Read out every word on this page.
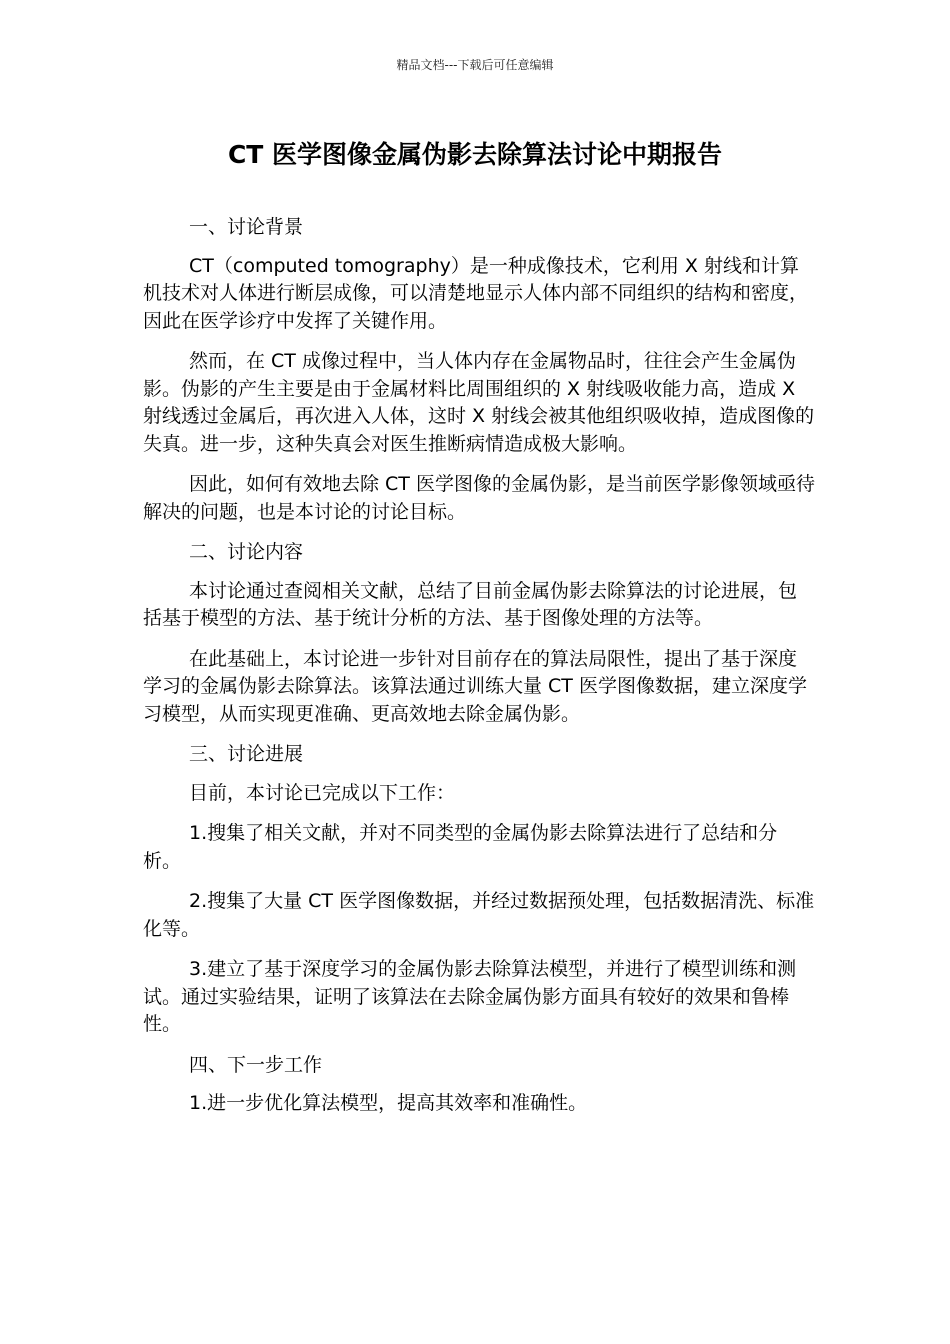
精品文档---下载后可任意编辑
CT 医学图像金属伪影去除算法讨论中期报告

一、讨论背景

CT（computed tomography）是一种成像技术，它利用 X 射线和计算机技术对人体进行断层成像，可以清楚地显示人体内部不同组织的结构和密度，因此在医学诊疗中发挥了关键作用。

然而，在 CT 成像过程中，当人体内存在金属物品时，往往会产生金属伪影。伪影的产生主要是由于金属材料比周围组织的 X 射线吸收能力高，造成 X 射线透过金属后，再次进入人体，这时 X 射线会被其他组织吸收掉，造成图像的失真。进一步，这种失真会对医生推断病情造成极大影响。

因此，如何有效地去除 CT 医学图像的金属伪影，是当前医学影像领域亟待解决的问题，也是本讨论的讨论目标。

二、讨论内容

本讨论通过查阅相关文献，总结了目前金属伪影去除算法的讨论进展，包括基于模型的方法、基于统计分析的方法、基于图像处理的方法等。

在此基础上，本讨论进一步针对目前存在的算法局限性，提出了基于深度学习的金属伪影去除算法。该算法通过训练大量 CT 医学图像数据，建立深度学习模型，从而实现更准确、更高效地去除金属伪影。

三、讨论进展

目前，本讨论已完成以下工作：

1.搜集了相关文献，并对不同类型的金属伪影去除算法进行了总结和分析。

2.搜集了大量 CT 医学图像数据，并经过数据预处理，包括数据清洗、标准化等。

3.建立了基于深度学习的金属伪影去除算法模型，并进行了模型训练和测试。通过实验结果，证明了该算法在去除金属伪影方面具有较好的效果和鲁棒性。

四、下一步工作

1.进一步优化算法模型，提高其效率和准确性。
